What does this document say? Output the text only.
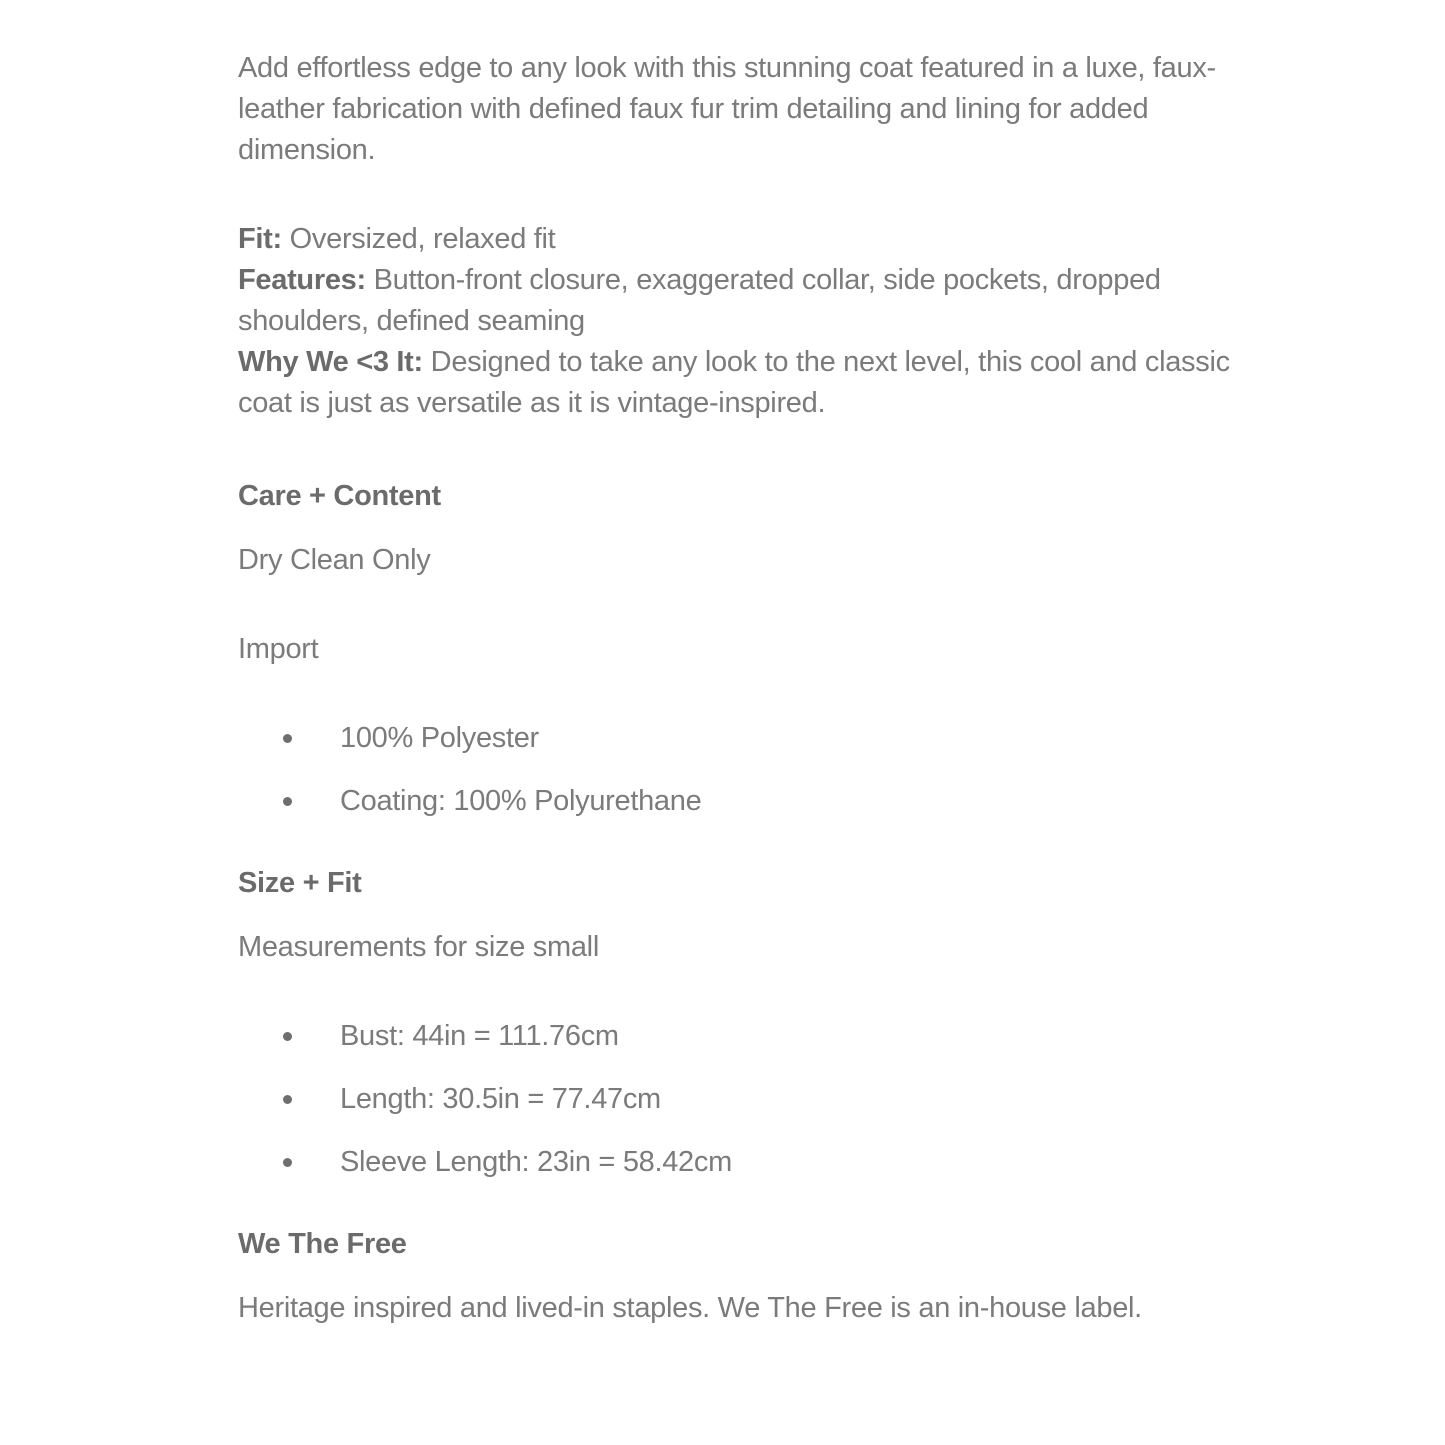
Add effortless edge to any look with this stunning coat featured in a luxe, faux-leather fabrication with defined faux fur trim detailing and lining for added dimension.

Fit: Oversized, relaxed fit
Features: Button-front closure, exaggerated collar, side pockets, dropped shoulders, defined seaming
Why We <3 It: Designed to take any look to the next level, this cool and classic coat is just as versatile as it is vintage-inspired.
Care + Content

Dry Clean Only

Import

100% Polyester
Coating: 100% Polyurethane
Size + Fit

Measurements for size small

Bust: 44in = 111.76cm
Length: 30.5in = 77.47cm
Sleeve Length: 23in = 58.42cm
We The Free

Heritage inspired and lived-in staples. We The Free is an in-house label.
